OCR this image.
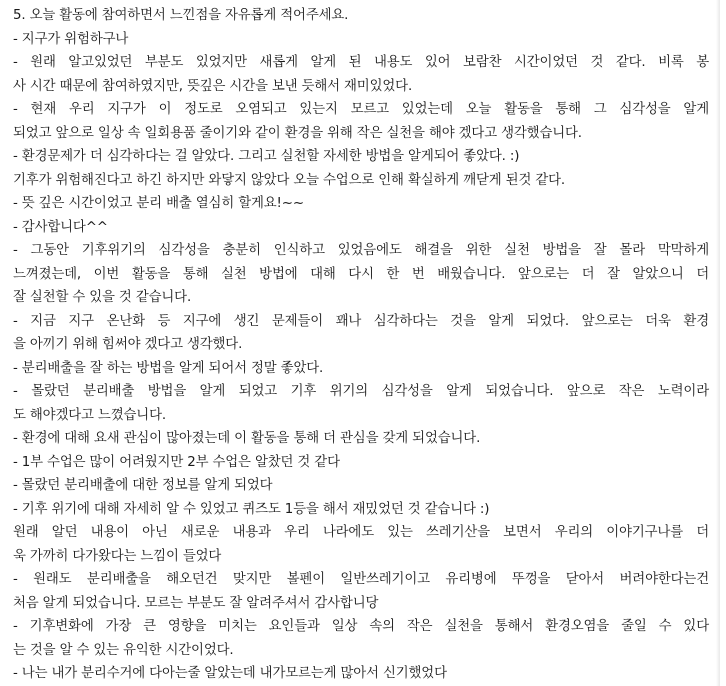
5. 오늘 활동에 참여하면서 느낀점을 자유롭게 적어주세요.
- 지구가 위험하구나
- 원래 알고있었던 부분도 있었지만 새롭게 알게 된 내용도 있어 보람찬 시간이었던 것 같다. 비록 봉
사 시간 때문에 참여하였지만, 뜻깊은 시간을 보낸 듯해서 재미있었다.
- 현재 우리 지구가 이 정도로 오염되고 있는지 모르고 있었는데 오늘 활동을 통해 그 심각성을 알게
되었고 앞으로 일상 속 일회용품 줄이기와 같이 환경을 위해 작은 실천을 해야 겠다고 생각했습니다.
- 환경문제가 더 심각하다는 걸 알았다. 그리고 실천할 자세한 방법을 알게되어 좋았다. :)
기후가 위험해진다고 하긴 하지만 와닿지 않았다 오늘 수업으로 인해 확실하게 깨닫게 된것 같다.
- 뜻 깊은 시간이었고 분리 배출 열심히 할게요!~~
- 감사합니다^^
- 그동안 기후위기의 심각성을 충분히 인식하고 있었음에도 해결을 위한 실천 방법을 잘 몰라 막막하게
느껴졌는데, 이번 활동을 통해 실천 방법에 대해 다시 한 번 배웠습니다. 앞으로는 더 잘 알았으니 더
잘 실천할 수 있을 것 같습니다.
- 지금 지구 온난화 등 지구에 생긴 문제들이 꽤나 심각하다는 것을 알게 되었다. 앞으로는 더욱 환경
을 아끼기 위해 힘써야 겠다고 생각했다.
- 분리배출을 잘 하는 방법을 알게 되어서 정말 좋았다.
- 몰랐던 분리배출 방법을 알게 되었고 기후 위기의 심각성을 알게 되었습니다. 앞으로 작은 노력이라
도 해야겠다고 느꼈습니다.
- 환경에 대해 요새 관심이 많아졌는데 이 활동을 통해 더 관심을 갖게 되었습니다.
- 1부 수업은 많이 어려웠지만 2부 수업은 알찼던 것 같다
- 몰랐던 분리배출에 대한 정보를 알게 되었다
- 기후 위기에 대해 자세히 알 수 있었고 퀴즈도 1등을 해서 재밌었던 것 같습니다 :)
원래 알던 내용이 아닌 새로운 내용과 우리 나라에도 있는 쓰레기산을 보면서 우리의 이야기구나를 더
욱 가까히 다가왔다는 느낌이 들었다
- 원래도 분리배출을 해오던건 맞지만 볼펜이 일반쓰레기이고 유리병에 뚜껑을 닫아서 버려야한다는건
처음 알게 되었습니다. 모르는 부분도 잘 알려주셔서 감사합니당
- 기후변화에 가장 큰 영향을 미치는 요인들과 일상 속의 작은 실천을 통해서 환경오염을 줄일 수 있다
는 것을 알 수 있는 유익한 시간이었다.
- 나는 내가 분리수거에 다아는줄 알았는데 내가모르는게 많아서 신기했었다
